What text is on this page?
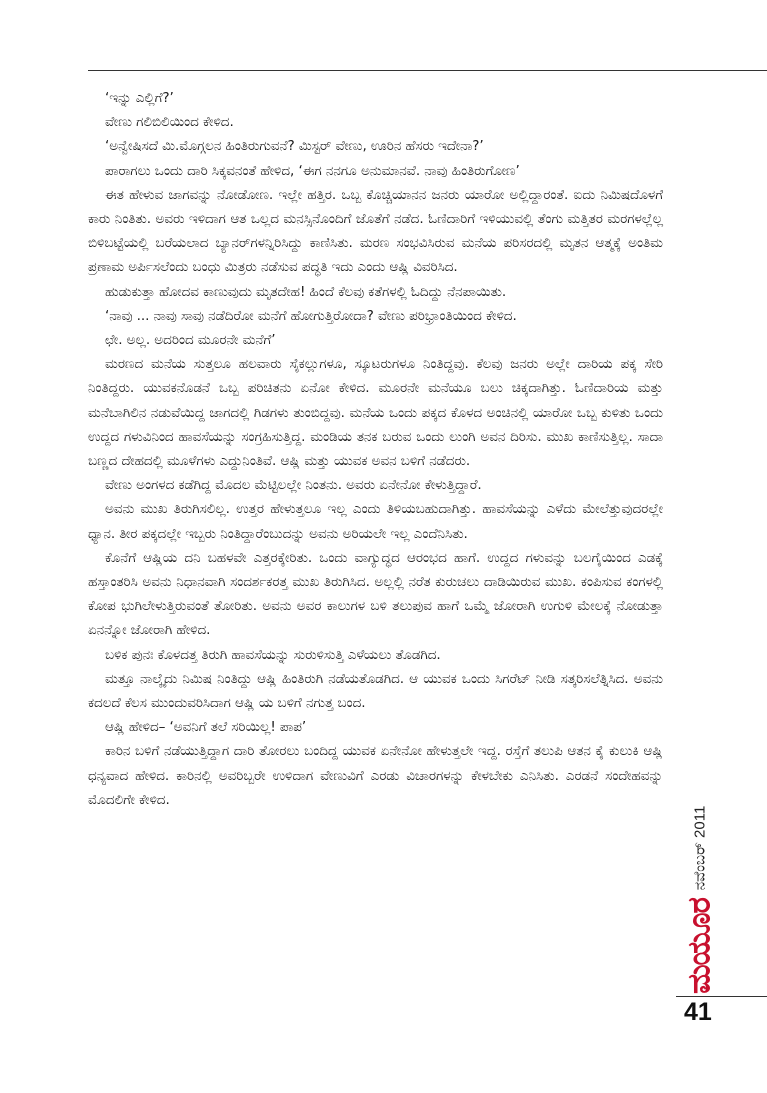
‘ಇನ್ನು ಎಲ್ಲಿಗೆ?’

ವೇಣು ಗಲಿಬಿಲಿಯಿಂದ ಕೇಳಿದ.

‘ಅನ್ವೇಷಿಸದೆ ಮಿ.ಮೊಗ್ಗಲನ ಹಿಂತಿರುಗುವನೆ? ಮಿಸ್ಟರ್ ವೇಣು, ಊರಿನ ಹೆಸರು ಇದೇನಾ?’

ಪಾರಾಗಲು ಒಂದು ದಾರಿ ಸಿಕ್ಕವನಂತೆ ಹೇಳಿದ, ‘ಈಗ ನನಗೂ ಅನುಮಾನವೆ. ನಾವು ಹಿಂತಿರುಗೋಣ’

ಈತ ಹೇಳುವ ಜಾಗವನ್ನು ನೋಡೋಣ. ಇಲ್ಲೇ ಹತ್ತಿರ. ಒಬ್ಬ ಕೊಚ್ಚಿಯಾನನ ಜನರು ಯಾರೋ ಅಲ್ಲಿದ್ದಾರಂತೆ. ಐದು ನಿಮಿಷದೊಳಗೆ ಕಾರು ನಿಂತಿತು. ಅವರು ಇಳಿದಾಗ ಆತ ಒಲ್ಲದ ಮನಸ್ಸಿನೊಂದಿಗೆ ಜೊತೆಗೆ ನಡೆದ. ಓಣಿದಾರಿಗೆ ಇಳಿಯುವಲ್ಲಿ ತೆಂಗು ಮತ್ತಿತರ ಮರಗಳಲ್ಲೆಲ್ಲ ಬಿಳಿಬಟ್ಟೆಯಲ್ಲಿ ಬರೆಯಲಾದ ಬ್ಯಾನರ್‌ಗಳನ್ನಿರಿಸಿದ್ದು ಕಾಣಿಸಿತು. ಮರಣ ಸಂಭವಿಸಿರುವ ಮನೆಯ ಪರಿಸರದಲ್ಲಿ ಮೃತನ ಆತ್ಮಕ್ಕೆ ಅಂತಿಮ ಪ್ರಣಾಮ ಅರ್ಪಿಸಲೆಂದು ಬಂಧು ಮಿತ್ರರು ನಡೆಸುವ ಪದ್ಧತಿ ಇದು ಎಂದು ಆಷ್ಲಿ ವಿವರಿಸಿದ.

ಹುಡುಕುತ್ತಾ ಹೋದವ ಕಾಣುವುದು ಮೃತದೇಹ! ಹಿಂದೆ ಕೆಲವು ಕತೆಗಳಲ್ಲಿ ಓದಿದ್ದು ನೆನಪಾಯಿತು.

‘ನಾವು ... ನಾವು ಸಾವು ನಡೆದಿರೋ ಮನೆಗೆ ಹೋಗುತ್ತಿರೋದಾ? ವೇಣು ಪರಿಭ್ರಾಂತಿಯಿಂದ ಕೇಳಿದ.

ಛೇ. ಅಲ್ಲ. ಅದರಿಂದ ಮೂರನೇ ಮನೆಗೆ’

ಮರಣದ ಮನೆಯ ಸುತ್ತಲೂ ಹಲವಾರು ಸೈಕಲ್ಲುಗಳೂ, ಸ್ಕೂಟರುಗಳೂ ನಿಂತಿದ್ದವು. ಕೆಲವು ಜನರು ಅಲ್ಲೇ ದಾರಿಯ ಪಕ್ಕ ಸೇರಿ ನಿಂತಿದ್ದರು. ಯುವಕನೊಡನೆ ಒಬ್ಬ ಪರಿಚಿತನು ಏನೋ ಕೇಳಿದ. ಮೂರನೇ ಮನೆಯೂ ಬಲು ಚಿಕ್ಕದಾಗಿತ್ತು. ಓಣಿದಾರಿಯ ಮತ್ತು ಮನೆಬಾಗಿಲಿನ ನಡುವೆಯಿದ್ದ ಜಾಗದಲ್ಲಿ ಗಿಡಗಳು ತುಂಬಿದ್ದವು. ಮನೆಯ ಒಂದು ಪಕ್ಕದ ಕೊಳದ ಅಂಚಿನಲ್ಲಿ ಯಾರೋ ಒಬ್ಬ ಕುಳಿತು ಒಂದು ಉದ್ದದ ಗಳುವಿನಿಂದ ಹಾವಸೆಯನ್ನು ಸಂಗ್ರಹಿಸುತ್ತಿದ್ದ. ಮಂಡಿಯ ತನಕ ಬರುವ ಒಂದು ಲುಂಗಿ ಅವನ ದಿರಿಸು. ಮುಖ ಕಾಣಿಸುತ್ತಿಲ್ಲ. ಸಾದಾ ಬಣ್ಣದ ದೇಹದಲ್ಲಿ ಮೂಳೆಗಳು ಎದ್ದುನಿಂತಿವೆ. ಆಷ್ಲಿ ಮತ್ತು ಯುವಕ ಅವನ ಬಳಿಗೆ ನಡೆದರು.

ವೇಣು ಅಂಗಳದ ಕಡೆಗಿದ್ದ ಮೊದಲ ಮೆಟ್ಟಿಲಲ್ಲೇ ನಿಂತನು. ಅವರು ಏನೇನೋ ಕೇಳುತ್ತಿದ್ದಾರೆ.

ಅವನು ಮುಖ ತಿರುಗಿಸಲಿಲ್ಲ. ಉತ್ತರ ಹೇಳುತ್ತಲೂ ಇಲ್ಲ ಎಂದು ತಿಳಿಯಬಹುದಾಗಿತ್ತು. ಹಾವಸೆಯನ್ನು ಎಳೆದು ಮೇಲೆತ್ತುವುದರಲ್ಲೇ ಧ್ಯಾನ. ತೀರ ಪಕ್ಕದಲ್ಲೇ ಇಬ್ಬರು ನಿಂತಿದ್ದಾರೆಂಬುದನ್ನು ಅವನು ಅರಿಯಲೇ ಇಲ್ಲ ಎಂದೆನಿಸಿತು.

ಕೊನೆಗೆ ಆಷ್ಲಿಯ ದನಿ ಬಹಳವೇ ಎತ್ತರಕ್ಕೇರಿತು. ಒಂದು ವಾಗ್ಯುದ್ಧದ ಆರಂಭದ ಹಾಗೆ. ಉದ್ದದ ಗಳುವನ್ನು ಬಲಗೈಯಿಂದ ಎಡಕ್ಕೆ ಹಸ್ತಾಂತರಿಸಿ ಅವನು ನಿಧಾನವಾಗಿ ಸಂದರ್ಶಕರತ್ತ ಮುಖ ತಿರುಗಿಸಿದ. ಅಲ್ಲಲ್ಲಿ ನರೆತ ಕುರುಚಲು ದಾಡಿಯಿರುವ ಮುಖ. ಕಂಪಿಸುವ ಕಂಗಳಲ್ಲಿ ಕೋಪ ಭುಗಿಲೇಳುತ್ತಿರುವಂತೆ ತೋರಿತು. ಅವನು ಅವರ ಕಾಲುಗಳ ಬಳಿ ತಲುಪುವ ಹಾಗೆ ಒಮ್ಮೆ ಜೋರಾಗಿ ಉಗುಳಿ ಮೇಲಕ್ಕೆ ನೋಡುತ್ತಾ ಏನನ್ನೋ ಜೋರಾಗಿ ಹೇಳಿದ.

ಬಳಿಕ ಪುನಃ ಕೊಳದತ್ತ ತಿರುಗಿ ಹಾವಸೆಯನ್ನು ಸುರುಳಿಸುತ್ತಿ ಎಳೆಯಲು ತೊಡಗಿದ.

ಮತ್ತೂ ನಾಲ್ಕೈದು ನಿಮಿಷ ನಿಂತಿದ್ದು ಆಷ್ಲಿ ಹಿಂತಿರುಗಿ ನಡೆಯತೊಡಗಿದ. ಆ ಯುವಕ ಒಂದು ಸಿಗರೆಟ್ ನೀಡಿ ಸತ್ಕರಿಸಲೆತ್ನಿಸಿದ. ಅವನು ಕದಲದೆ ಕೆಲಸ ಮುಂದುವರಿಸಿದಾಗ ಆಷ್ಲಿ ಯ ಬಳಿಗೆ ನಗುತ್ತ ಬಂದ.

ಆಷ್ಲಿ ಹೇಳಿದ– ‘ಅವನಿಗೆ ತಲೆ ಸರಿಯಿಲ್ಲ! ಪಾಪ’

ಕಾರಿನ ಬಳಿಗೆ ನಡೆಯುತ್ತಿದ್ದಾಗ ದಾರಿ ತೋರಲು ಬಂದಿದ್ದ ಯುವಕ ಏನೇನೋ ಹೇಳುತ್ತಲೇ ಇದ್ದ. ರಸ್ತೆಗೆ ತಲುಪಿ ಆತನ ಕೈ ಕುಲುಕಿ ಆಷ್ಲಿ ಧನ್ಯವಾದ ಹೇಳಿದ. ಕಾರಿನಲ್ಲಿ ಅವರಿಬ್ಬರೇ ಉಳಿದಾಗ ವೇಣುವಿಗೆ ಎರಡು ವಿಚಾರಗಳನ್ನು ಕೇಳಬೇಕು ಎನಿಸಿತು. ಎರಡನೆ ಸಂದೇಹವನ್ನು ಮೊದಲಿಗೇ ಕೇಳಿದ.

ನವೆಂಬರ್ 2011
ಮಯೂರ
41
